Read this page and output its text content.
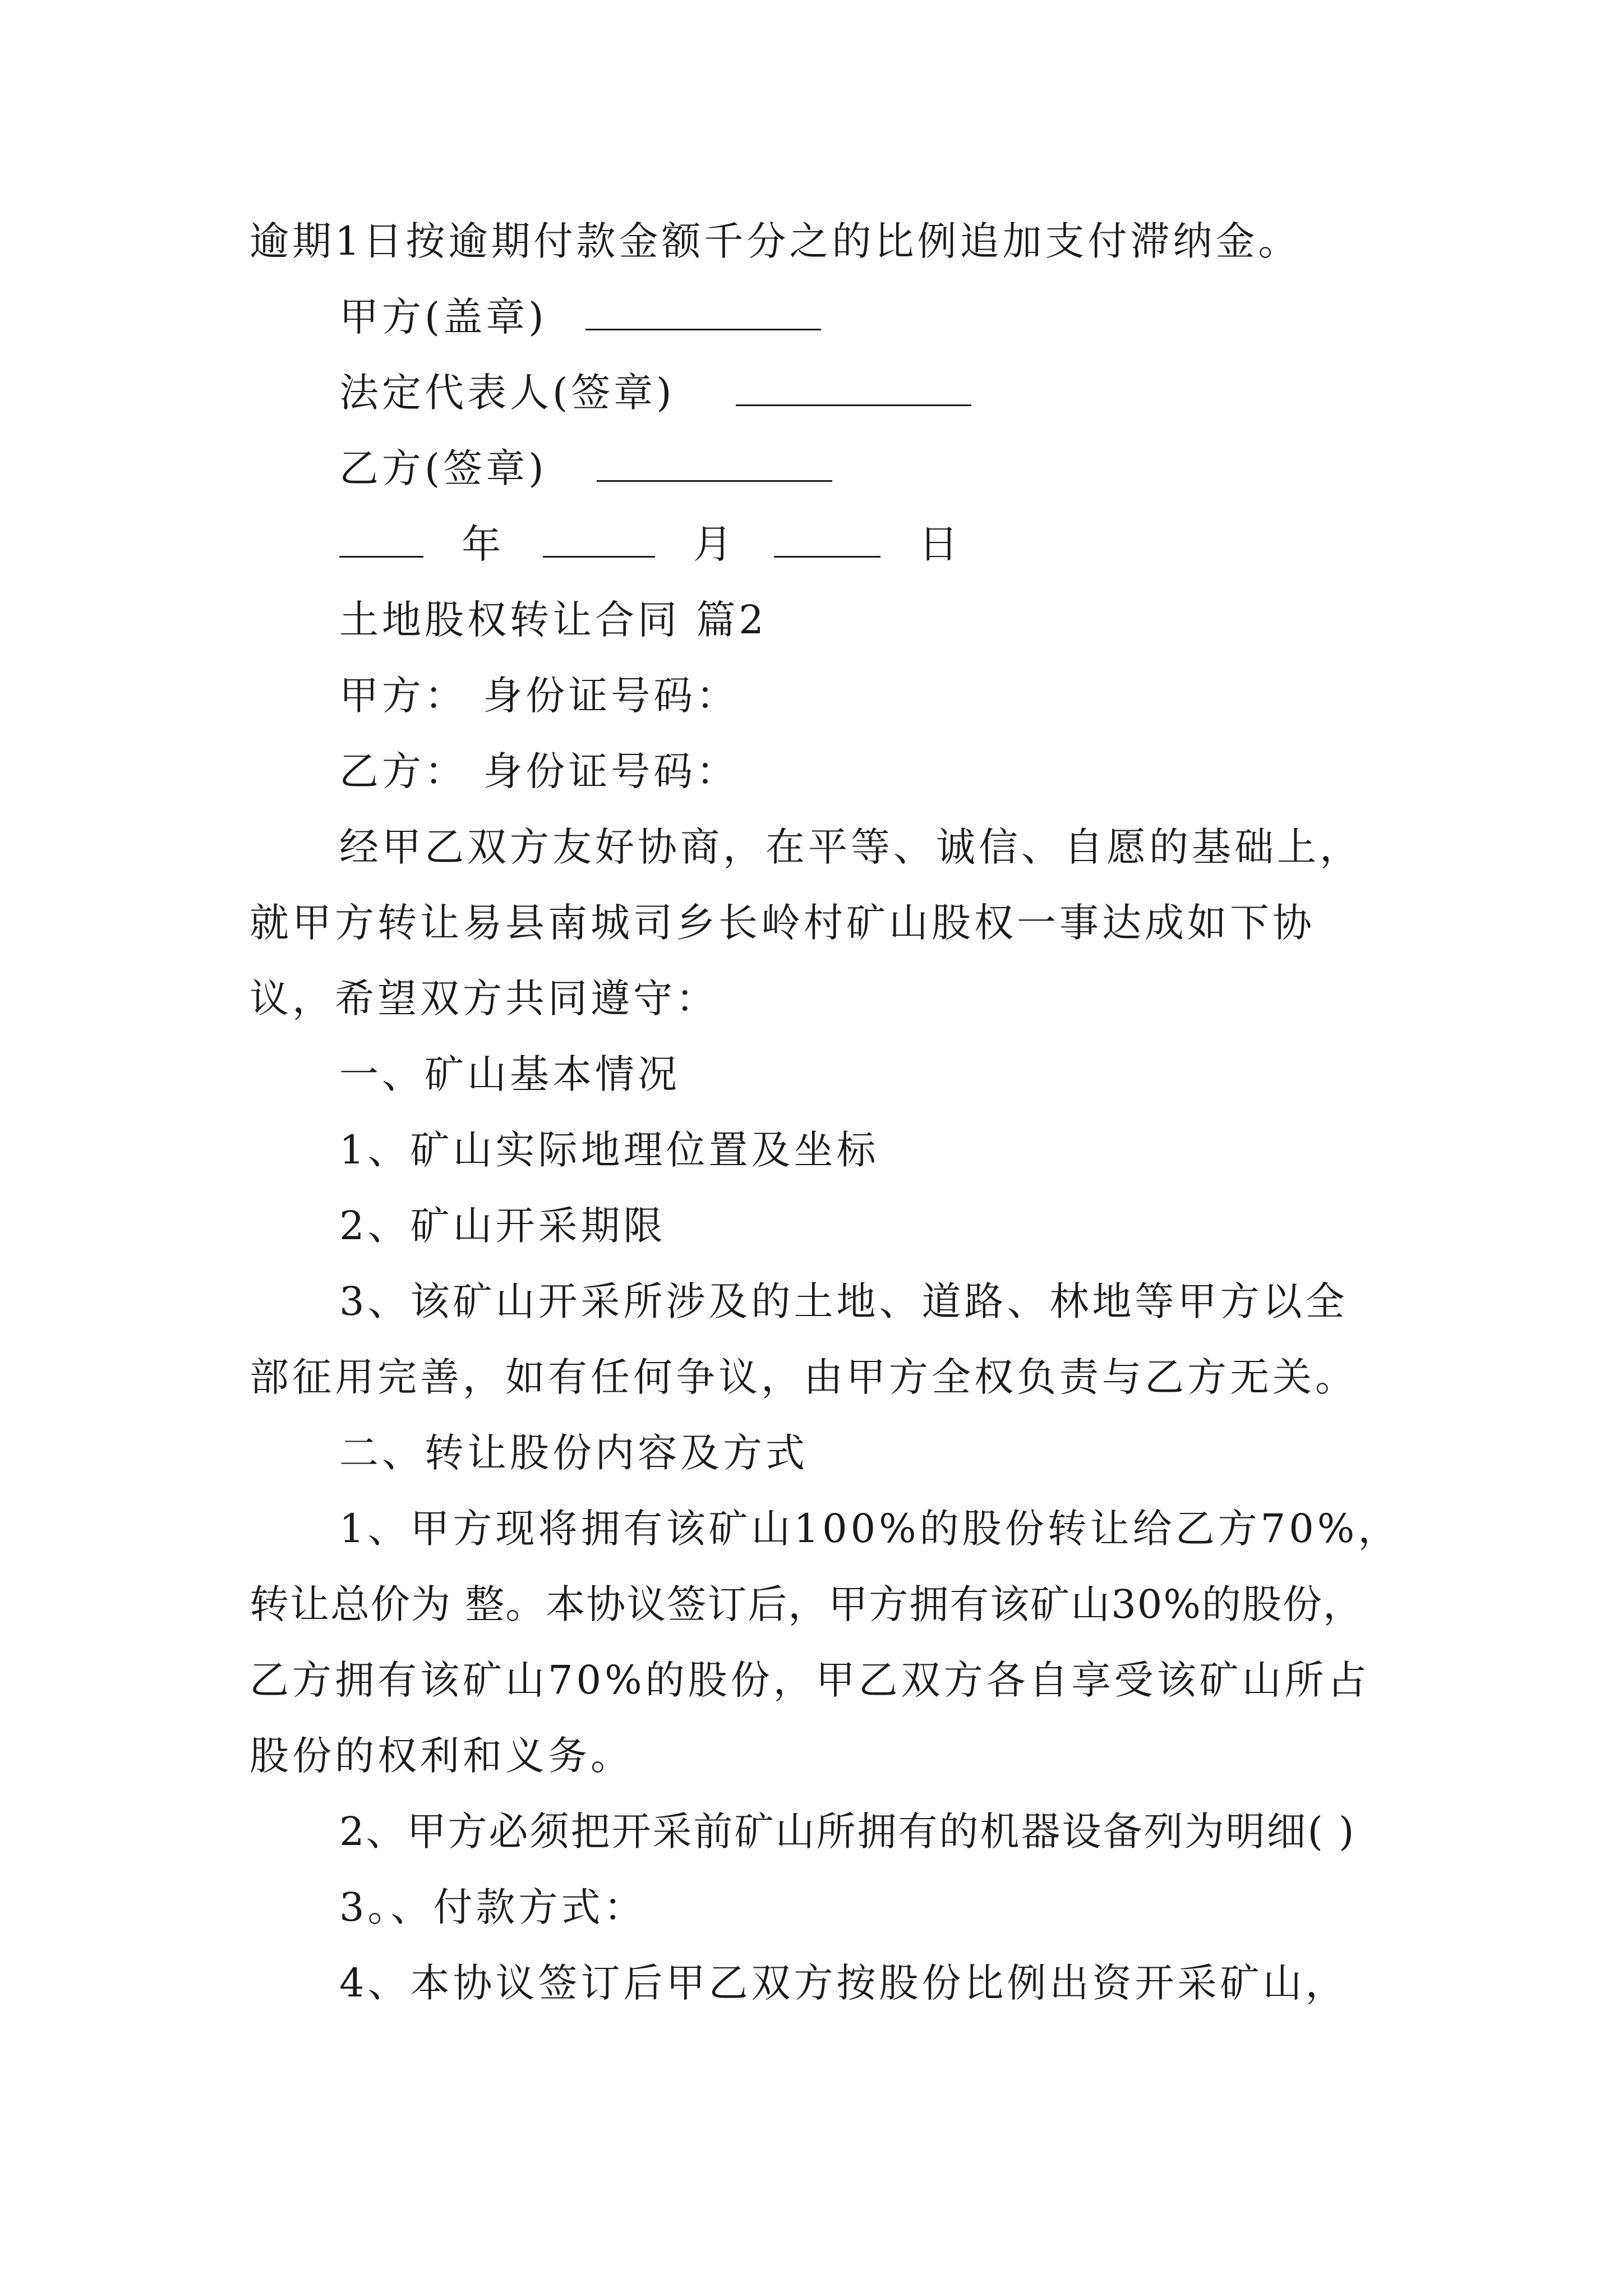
逾期1日按逾期付款金额千分之的比例追加支付滞纳金。
甲方(盖章)
法定代表人(签章)
乙方(签章)
年	月	日
土地股权转让合同 篇2
甲方： 身份证号码：
乙方： 身份证号码：
经甲乙双方友好协商，在平等、诚信、自愿的基础上，
就甲方转让易县南城司乡长岭村矿山股权一事达成如下协
议，希望双方共同遵守：
一、矿山基本情况
1、矿山实际地理位置及坐标
2、矿山开采期限
3、该矿山开采所涉及的土地、道路、林地等甲方以全
部征用完善，如有任何争议，由甲方全权负责与乙方无关。
二、转让股份内容及方式
1、甲方现将拥有该矿山100%的股份转让给乙方70%，
转让总价为 整。本协议签订后，甲方拥有该矿山30%的股份，
乙方拥有该矿山70%的股份，甲乙双方各自享受该矿山所占
股份的权利和义务。
2、甲方必须把开采前矿山所拥有的机器设备列为明细( )
3。、付款方式：
4、本协议签订后甲乙双方按股份比例出资开采矿山，
